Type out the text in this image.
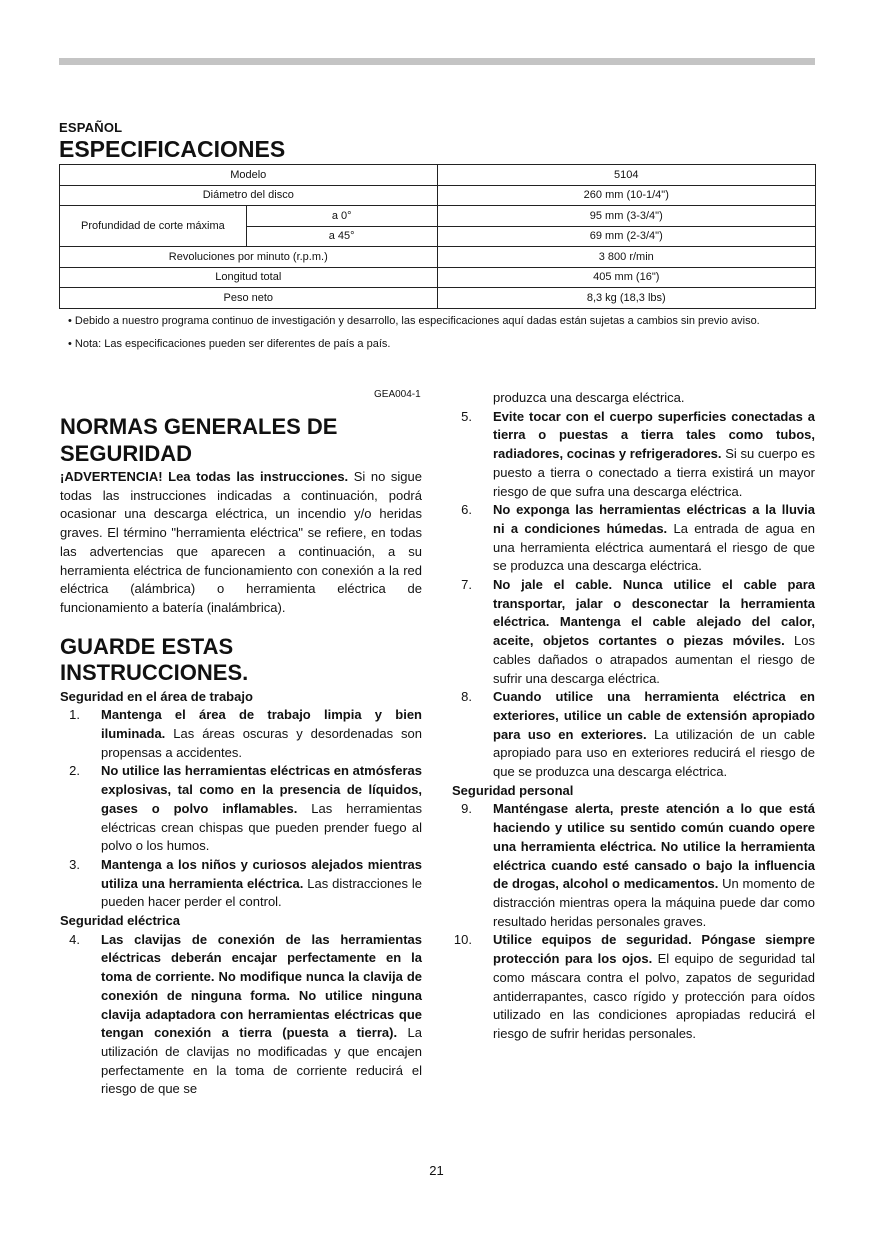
ESPAÑOL
ESPECIFICACIONES
Modelo		5104
Diámetro del disco		260 mm (10-1/4")
Profundidad de corte máxima	a 0°	95 mm (3-3/4")
	a 45°	69 mm (2-3/4")
Revoluciones por minuto (r.p.m.)		3 800 r/min
Longitud total		405 mm (16")
Peso neto		8,3 kg (18,3 lbs)

• Debido a nuestro programa continuo de investigación y desarrollo, las especificaciones aquí dadas están sujetas a cambios sin previo aviso.

• Nota: Las especificaciones pueden ser diferentes de país a país.

GEA004-1
NORMAS GENERALES DE SEGURIDAD

¡ADVERTENCIA! Lea todas las instrucciones. Si no sigue todas las instrucciones indicadas a continuación, podrá ocasionar una descarga eléctrica, un incendio y/o heridas graves. El término "herramienta eléctrica" se refiere, en todas las advertencias que aparecen a continuación, a su herramienta eléctrica de funcionamiento con conexión a la red eléctrica (alámbrica) o herramienta eléctrica de funcionamiento a batería (inalámbrica).

GUARDE ESTAS INSTRUCCIONES.

Seguridad en el área de trabajo

1. Mantenga el área de trabajo limpia y bien iluminada. Las áreas oscuras y desordenadas son propensas a accidentes.
2. No utilice las herramientas eléctricas en atmósferas explosivas, tal como en la presencia de líquidos, gases o polvo inflamables. Las herramientas eléctricas crean chispas que pueden prender fuego al polvo o los humos.
3. Mantenga a los niños y curiosos alejados mientras utiliza una herramienta eléctrica. Las distracciones le pueden hacer perder el control.

Seguridad eléctrica

4. Las clavijas de conexión de las herramientas eléctricas deberán encajar perfectamente en la toma de corriente. No modifique nunca la clavija de conexión de ninguna forma. No utilice ninguna clavija adaptadora con herramientas eléctricas que tengan conexión a tierra (puesta a tierra). La utilización de clavijas no modificadas y que encajen perfectamente en la toma de corriente reducirá el riesgo de que se

produzca una descarga eléctrica.

5. Evite tocar con el cuerpo superficies conectadas a tierra o puestas a tierra tales como tubos, radiadores, cocinas y refrigeradores. Si su cuerpo es puesto a tierra o conectado a tierra existirá un mayor riesgo de que sufra una descarga eléctrica.
6. No exponga las herramientas eléctricas a la lluvia ni a condiciones húmedas. La entrada de agua en una herramienta eléctrica aumentará el riesgo de que se produzca una descarga eléctrica.
7. No jale el cable. Nunca utilice el cable para transportar, jalar o desconectar la herramienta eléctrica. Mantenga el cable alejado del calor, aceite, objetos cortantes o piezas móviles. Los cables dañados o atrapados aumentan el riesgo de sufrir una descarga eléctrica.
8. Cuando utilice una herramienta eléctrica en exteriores, utilice un cable de extensión apropiado para uso en exteriores. La utilización de un cable apropiado para uso en exteriores reducirá el riesgo de que se produzca una descarga eléctrica.

Seguridad personal

9. Manténgase alerta, preste atención a lo que está haciendo y utilice su sentido común cuando opere una herramienta eléctrica. No utilice la herramienta eléctrica cuando esté cansado o bajo la influencia de drogas, alcohol o medicamentos. Un momento de distracción mientras opera la máquina puede dar como resultado heridas personales graves.
10. Utilice equipos de seguridad. Póngase siempre protección para los ojos. El equipo de seguridad tal como máscara contra el polvo, zapatos de seguridad antiderrapantes, casco rígido y protección para oídos utilizado en las condiciones apropiadas reducirá el riesgo de sufrir heridas personales.
21
